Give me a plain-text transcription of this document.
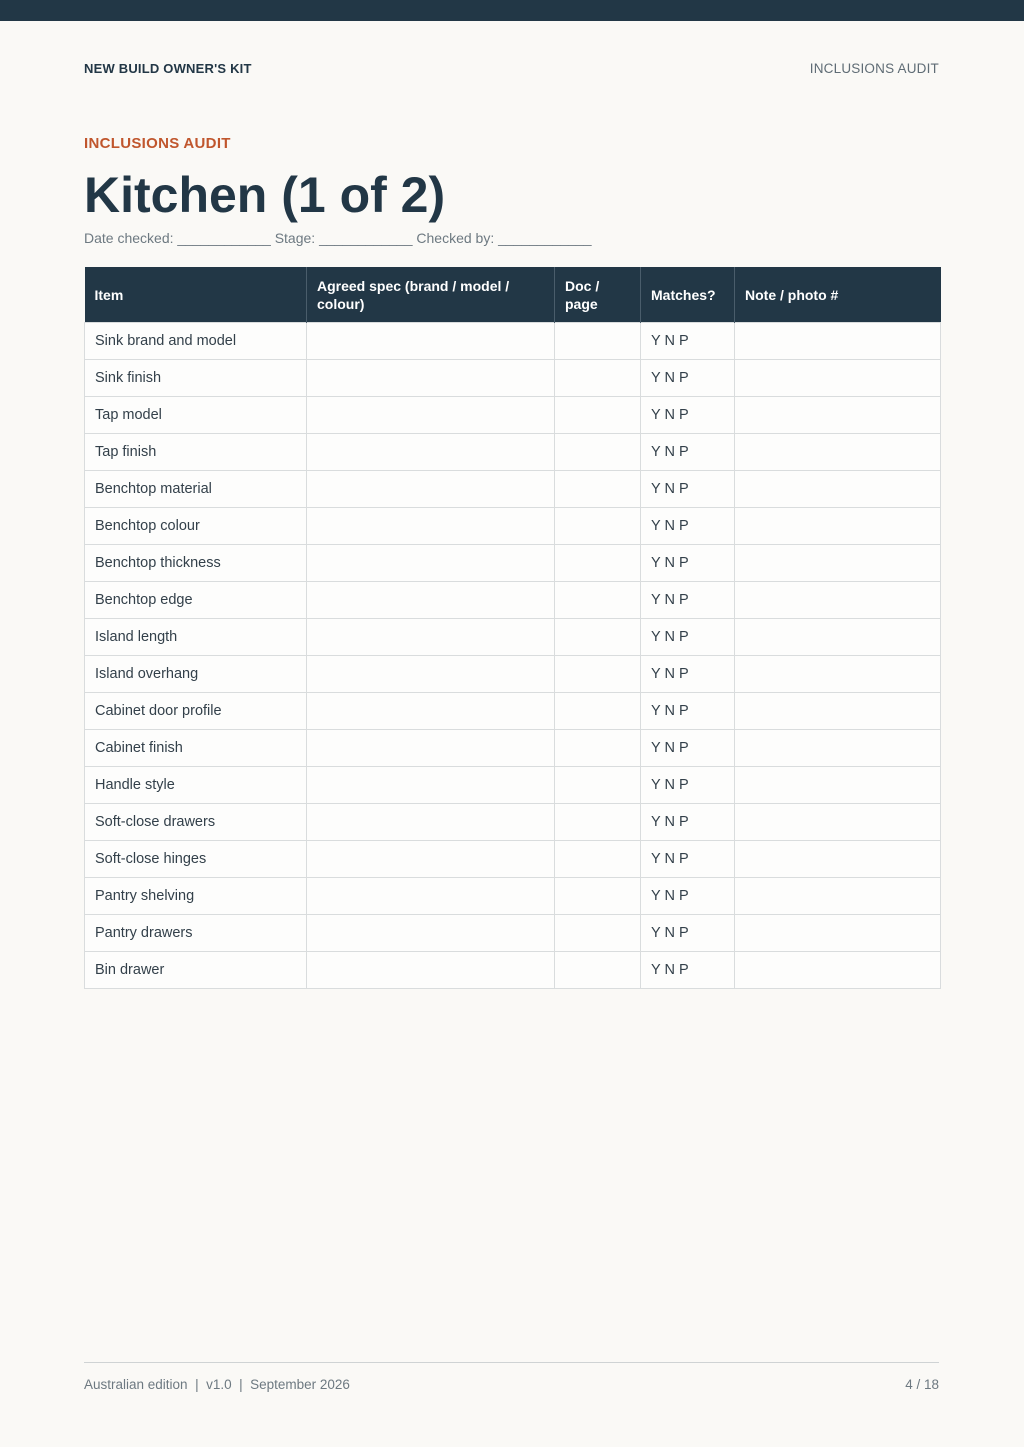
NEW BUILD OWNER'S KIT	INCLUSIONS AUDIT
INCLUSIONS AUDIT
Kitchen (1 of 2)
Date checked: ____________ Stage: ____________ Checked by: ____________
Item	Agreed spec (brand / model / colour)	Doc / page	Matches?	Note / photo #
Sink brand and model			Y N P	
Sink finish			Y N P	
Tap model			Y N P	
Tap finish			Y N P	
Benchtop material			Y N P	
Benchtop colour			Y N P	
Benchtop thickness			Y N P	
Benchtop edge			Y N P	
Island length			Y N P	
Island overhang			Y N P	
Cabinet door profile			Y N P	
Cabinet finish			Y N P	
Handle style			Y N P	
Soft-close drawers			Y N P	
Soft-close hinges			Y N P	
Pantry shelving			Y N P	
Pantry drawers			Y N P	
Bin drawer			Y N P	
Australian edition  |  v1.0  |  September 2026	4 / 18
